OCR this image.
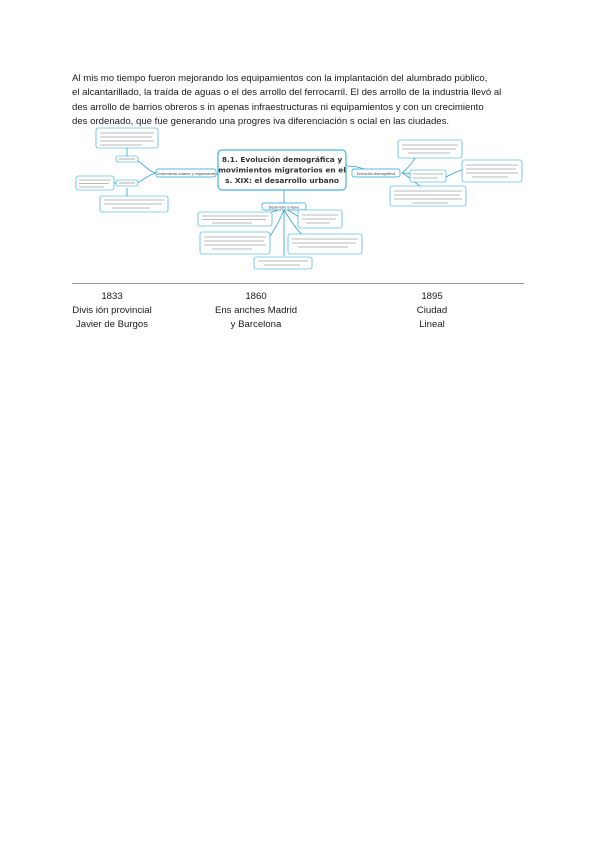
Al mis mo tiempo fueron mejorando los equipamientos con la implantación del alumbrado público,
el alcantarillado, la traída de aguas o el des arrollo del ferrocarril. El des arrollo de la industria llevó al
des arrollo de barrios obreros s in apenas infraestructuras ni equipamientos y con un crecimiento
des ordenado, que fue generando una progres iva diferenciación s ocial en las ciudades.

8.1. Evolución demográfica y
movimientos migratorios en el
s. XIX: el desarrollo urbano
Crecimiento urbano y migraciones	Evolución demográfica
Desarrollo urbano
1833
Divis ión provincial
Javier de Burgos
1860
Ens anches Madrid
y Barcelona
1895
Ciudad
Lineal
